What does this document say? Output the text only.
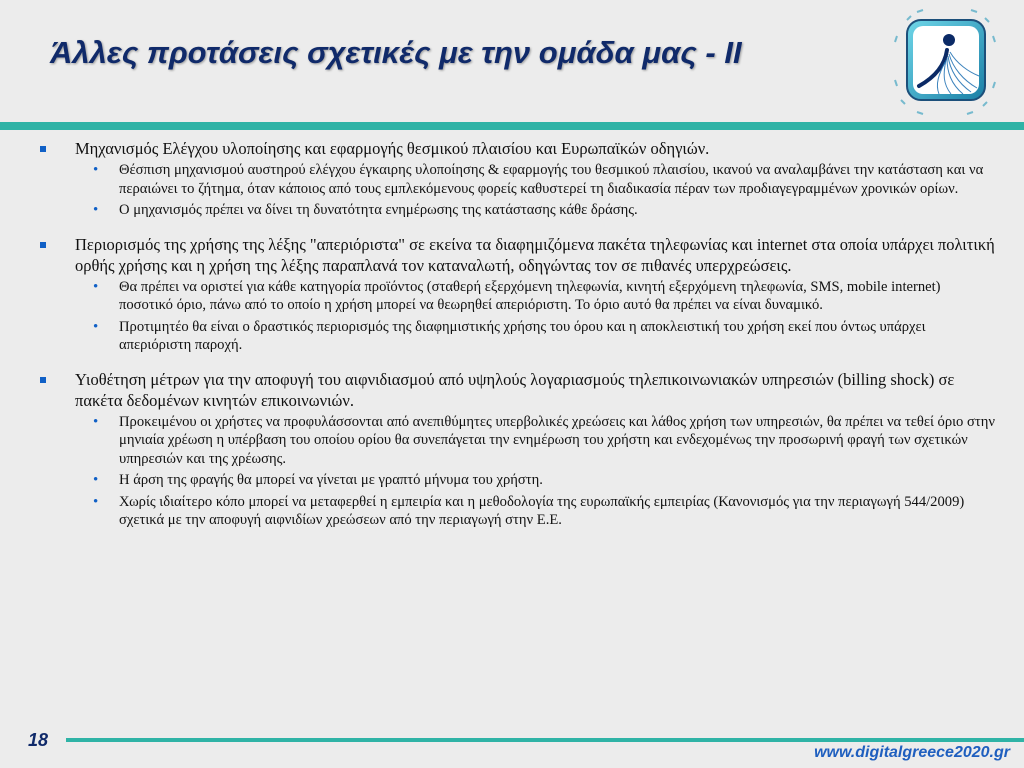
Άλλες προτάσεις σχετικές με την ομάδα μας - II
Μηχανισμός Ελέγχου υλοποίησης και εφαρμογής θεσμικού πλαισίου και Ευρωπαϊκών οδηγιών.
• Θέσπιση μηχανισμού αυστηρού ελέγχου έγκαιρης υλοποίησης & εφαρμογής του θεσμικού πλαισίου, ικανού να αναλαμβάνει την κατάσταση και να περαιώνει το ζήτημα, όταν κάποιος από τους εμπλεκόμενους φορείς καθυστερεί τη διαδικασία πέραν των προδιαγεγραμμένων χρονικών ορίων.
• Ο μηχανισμός πρέπει να δίνει τη δυνατότητα ενημέρωσης της κατάστασης κάθε δράσης.
Περιορισμός της χρήσης της λέξης "απεριόριστα" σε εκείνα τα διαφημιζόμενα πακέτα τηλεφωνίας και internet στα οποία υπάρχει πολιτική ορθής χρήσης και η χρήση της λέξης παραπλανά τον καταναλωτή, οδηγώντας τον σε πιθανές υπερχρεώσεις.
• Θα πρέπει να οριστεί για κάθε κατηγορία προϊόντος (σταθερή εξερχόμενη τηλεφωνία, κινητή εξερχόμενη τηλεφωνία, SMS, mobile internet) ποσοτικό όριο, πάνω από το οποίο η χρήση μπορεί να θεωρηθεί απεριόριστη. Το όριο αυτό θα πρέπει να είναι δυναμικό.
• Προτιμητέο θα είναι ο δραστικός περιορισμός της διαφημιστικής χρήσης του όρου και η αποκλειστική του χρήση εκεί που όντως υπάρχει απεριόριστη παροχή.
Υιοθέτηση μέτρων για την αποφυγή του αιφνιδιασμού από υψηλούς λογαριασμούς τηλεπικοινωνιακών υπηρεσιών (billing shock) σε πακέτα δεδομένων κινητών επικοινωνιών.
• Προκειμένου οι χρήστες να προφυλάσσονται από ανεπιθύμητες υπερβολικές χρεώσεις και λάθος χρήση των υπηρεσιών, θα πρέπει να τεθεί όριο στην μηνιαία χρέωση η υπέρβαση του οποίου ορίου θα συνεπάγεται την ενημέρωση του χρήστη και ενδεχομένως την προσωρινή φραγή των σχετικών υπηρεσιών και της χρέωσης.
• Η άρση της φραγής θα μπορεί να γίνεται με γραπτό μήνυμα του χρήστη.
• Χωρίς ιδιαίτερο κόπο μπορεί να μεταφερθεί η εμπειρία και η μεθοδολογία της ευρωπαϊκής εμπειρίας (Κανονισμός για την περιαγωγή 544/2009) σχετικά με την αποφυγή αιφνιδίων χρεώσεων από την περιαγωγή στην Ε.Ε.
18
www.digitalgreece2020.gr
